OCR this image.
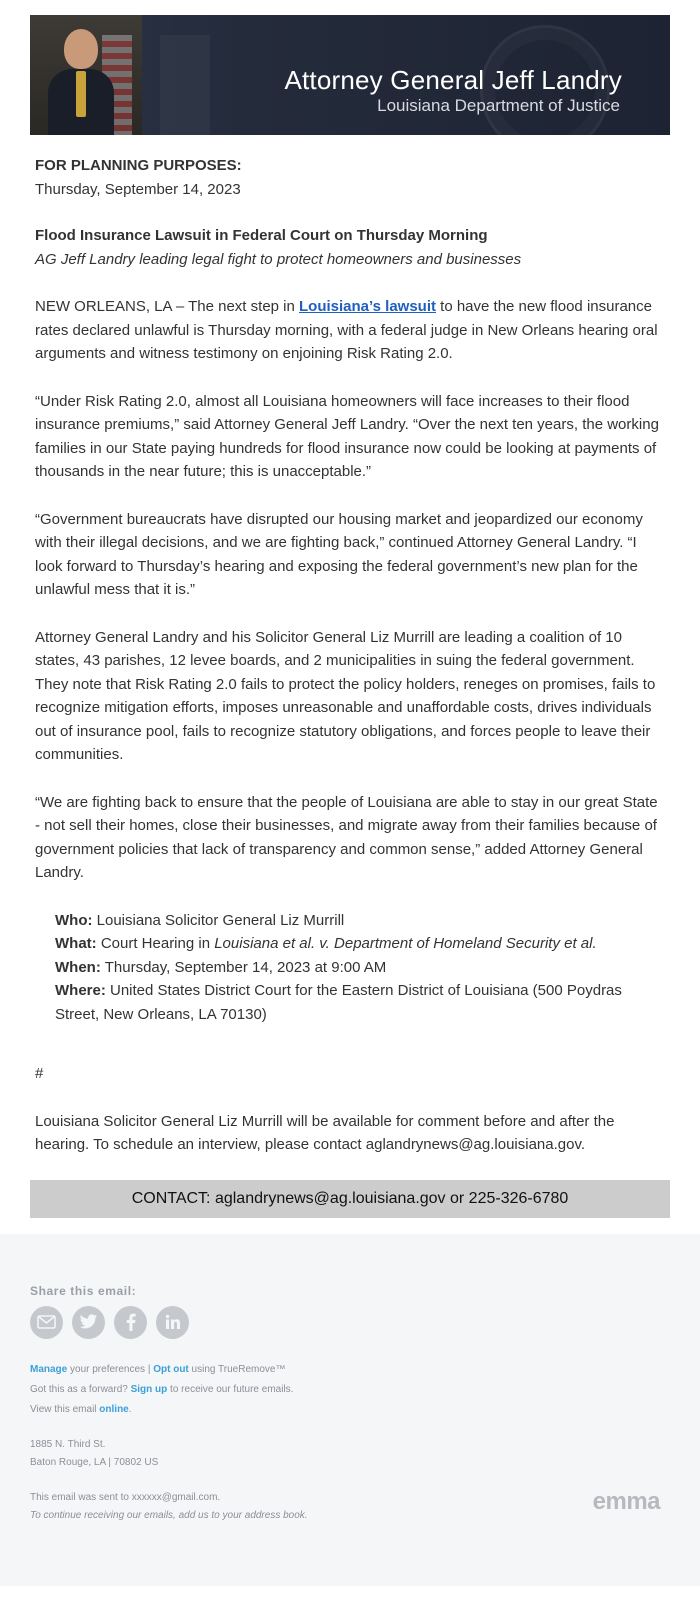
Attorney General Jeff Landry
Louisiana Department of Justice

FOR PLANNING PURPOSES:

Thursday, September 14, 2023

Flood Insurance Lawsuit in Federal Court on Thursday Morning

AG Jeff Landry leading legal fight to protect homeowners and businesses

NEW ORLEANS, LA – The next step in Louisiana’s lawsuit to have the new flood insurance rates declared unlawful is Thursday morning, with a federal judge in New Orleans hearing oral arguments and witness testimony on enjoining Risk Rating 2.0.

“Under Risk Rating 2.0, almost all Louisiana homeowners will face increases to their flood insurance premiums,” said Attorney General Jeff Landry. “Over the next ten years, the working families in our State paying hundreds for flood insurance now could be looking at payments of thousands in the near future; this is unacceptable.”

“Government bureaucrats have disrupted our housing market and jeopardized our economy with their illegal decisions, and we are fighting back,” continued Attorney General Landry. “I look forward to Thursday’s hearing and exposing the federal government’s new plan for the unlawful mess that it is.”

Attorney General Landry and his Solicitor General Liz Murrill are leading a coalition of 10 states, 43 parishes, 12 levee boards, and 2 municipalities in suing the federal government. They note that Risk Rating 2.0 fails to protect the policy holders, reneges on promises, fails to recognize mitigation efforts, imposes unreasonable and unaffordable costs, drives individuals out of insurance pool, fails to recognize statutory obligations, and forces people to leave their communities.

“We are fighting back to ensure that the people of Louisiana are able to stay in our great State - not sell their homes, close their businesses, and migrate away from their families because of government policies that lack of transparency and common sense,” added Attorney General Landry.

Who: Louisiana Solicitor General Liz Murrill

What: Court Hearing in Louisiana et al. v. Department of Homeland Security et al.

When: Thursday, September 14, 2023 at 9:00 AM

Where: United States District Court for the Eastern District of Louisiana (500 Poydras Street, New Orleans, LA 70130)

#

Louisiana Solicitor General Liz Murrill will be available for comment before and after the hearing. To schedule an interview, please contact aglandrynews@ag.louisiana.gov.

CONTACT: aglandrynews@ag.louisiana.gov or 225-326-6780
Share this email:
Manage your preferences | Opt out using TrueRemove™
Got this as a forward? Sign up to receive our future emails.
View this email online.
1885 N. Third St.
Baton Rouge, LA | 70802 US
This email was sent to xxxxxx@gmail.com.
To continue receiving our emails, add us to your address book.
emma
